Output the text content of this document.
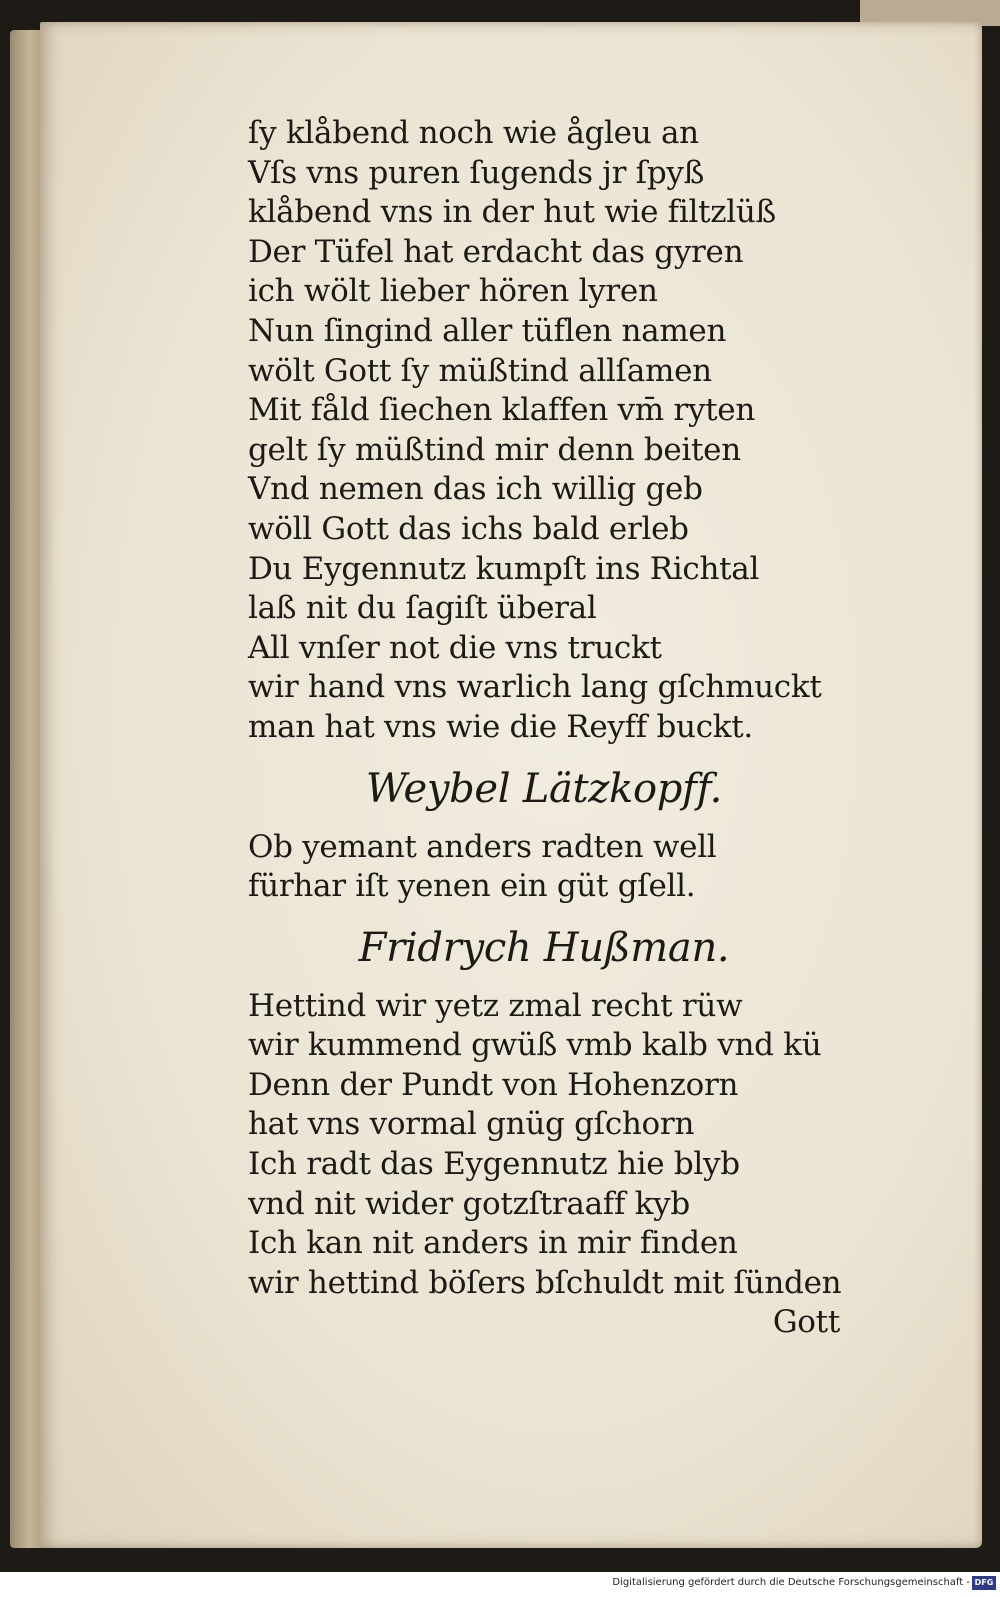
ſy klåbend noch wie ågleu an
Vſs vns puren ſugends jr ſpyß
klåbend vns in der hut wie filtzlüß
Der Tüfel hat erdacht das gyren
ich wölt lieber hören lyren
Nun ſingind aller tüflen namen
wölt Gott ſy müßtind allſamen
Mit fåld ſiechen klaffen vm̄ ryten
gelt ſy müßtind mir denn beiten
Vnd nemen das ich willig geb
wöll Gott das ichs bald erleb
Du Eygennutz kumpſt ins Richtal
laß nit du ſagiſt überal
All vnſer not die vns truckt
wir hand vns warlich lang gſchmuckt
man hat vns wie die Reyff buckt.
Weybel Lätzkopff.
Ob yemant anders radten well
fürhar iſt yenen ein güt gſell.
Fridrych Hußman.
Hettind wir yetz zmal recht rüw
wir kummend gwüß vmb kalb vnd kü
Denn der Pundt von Hohenzorn
hat vns vormal gnüg gſchorn
Ich radt das Eygennutz hie blyb
vnd nit wider gotzſtraaff kyb
Ich kan nit anders in mir finden
wir hettind böſers bſchuldt mit ſünden
Gott
Digitalisierung gefördert durch die Deutsche Forschungsgemeinschaft - DFG
